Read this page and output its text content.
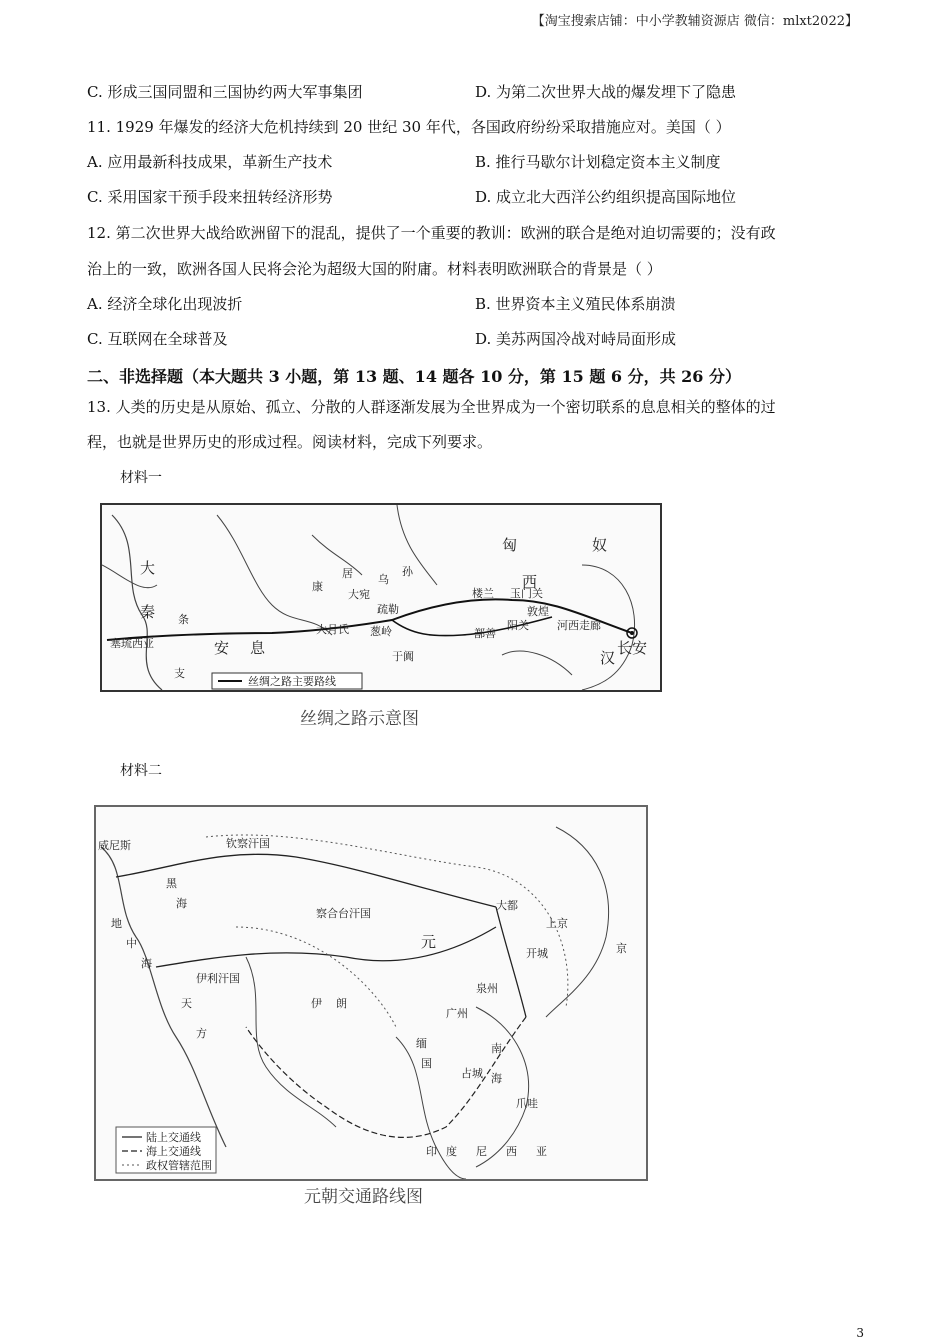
【淘宝搜索店铺：中小学教辅资源店 微信：mlxt2022】
C. 形成三国同盟和三国协约两大军事集团	D. 为第二次世界大战的爆发埋下了隐患
11. 1929 年爆发的经济大危机持续到 20 世纪 30 年代，各国政府纷纷采取措施应对。美国（ ）
A. 应用最新科技成果，革新生产技术	B. 推行马歇尔计划稳定资本主义制度
C. 采用国家干预手段来扭转经济形势	D. 成立北大西洋公约组织提高国际地位
12. 第二次世界大战给欧洲留下的混乱，提供了一个重要的教训：欧洲的联合是绝对迫切需要的；没有政
治上的一致，欧洲各国人民将会沦为超级大国的附庸。材料表明欧洲联合的背景是（ ）
A. 经济全球化出现波折	B. 世界资本主义殖民体系崩溃
C. 互联网在全球普及	D. 美苏两国冷战对峙局面形成
二、非选择题（本大题共 3 小题，第 13 题、14 题各 10 分，第 15 题 6 分，共 26 分）
13. 人类的历史是从原始、孤立、分散的人群逐渐发展为全世界成为一个密切联系的息息相关的整体的过
程，也就是世界历史的形成过程。阅读材料，完成下列要求。
材料一
匈	奴
西
大
秦 条
安 息
支
康
居 乌
孙
大宛
疏勒
大月氏 葱岭
于阗
楼兰 玉门关
敦煌
阳关
鄯善
河西走廊
汉
长安
塞琉西亚
丝绸之路主要路线
丝绸之路示意图
材料二
钦察汗国
威尼斯
黑
海
地
中
海
伊利汗国
察合台汗国
元
大都
上京
京
开城
泉州
广州
南
海
天
方
伊 朗
缅
国
占城
爪哇
印 度 尼 西 亚
陆上交通线
海上交通线
政权管辖范围
元朝交通路线图
3
